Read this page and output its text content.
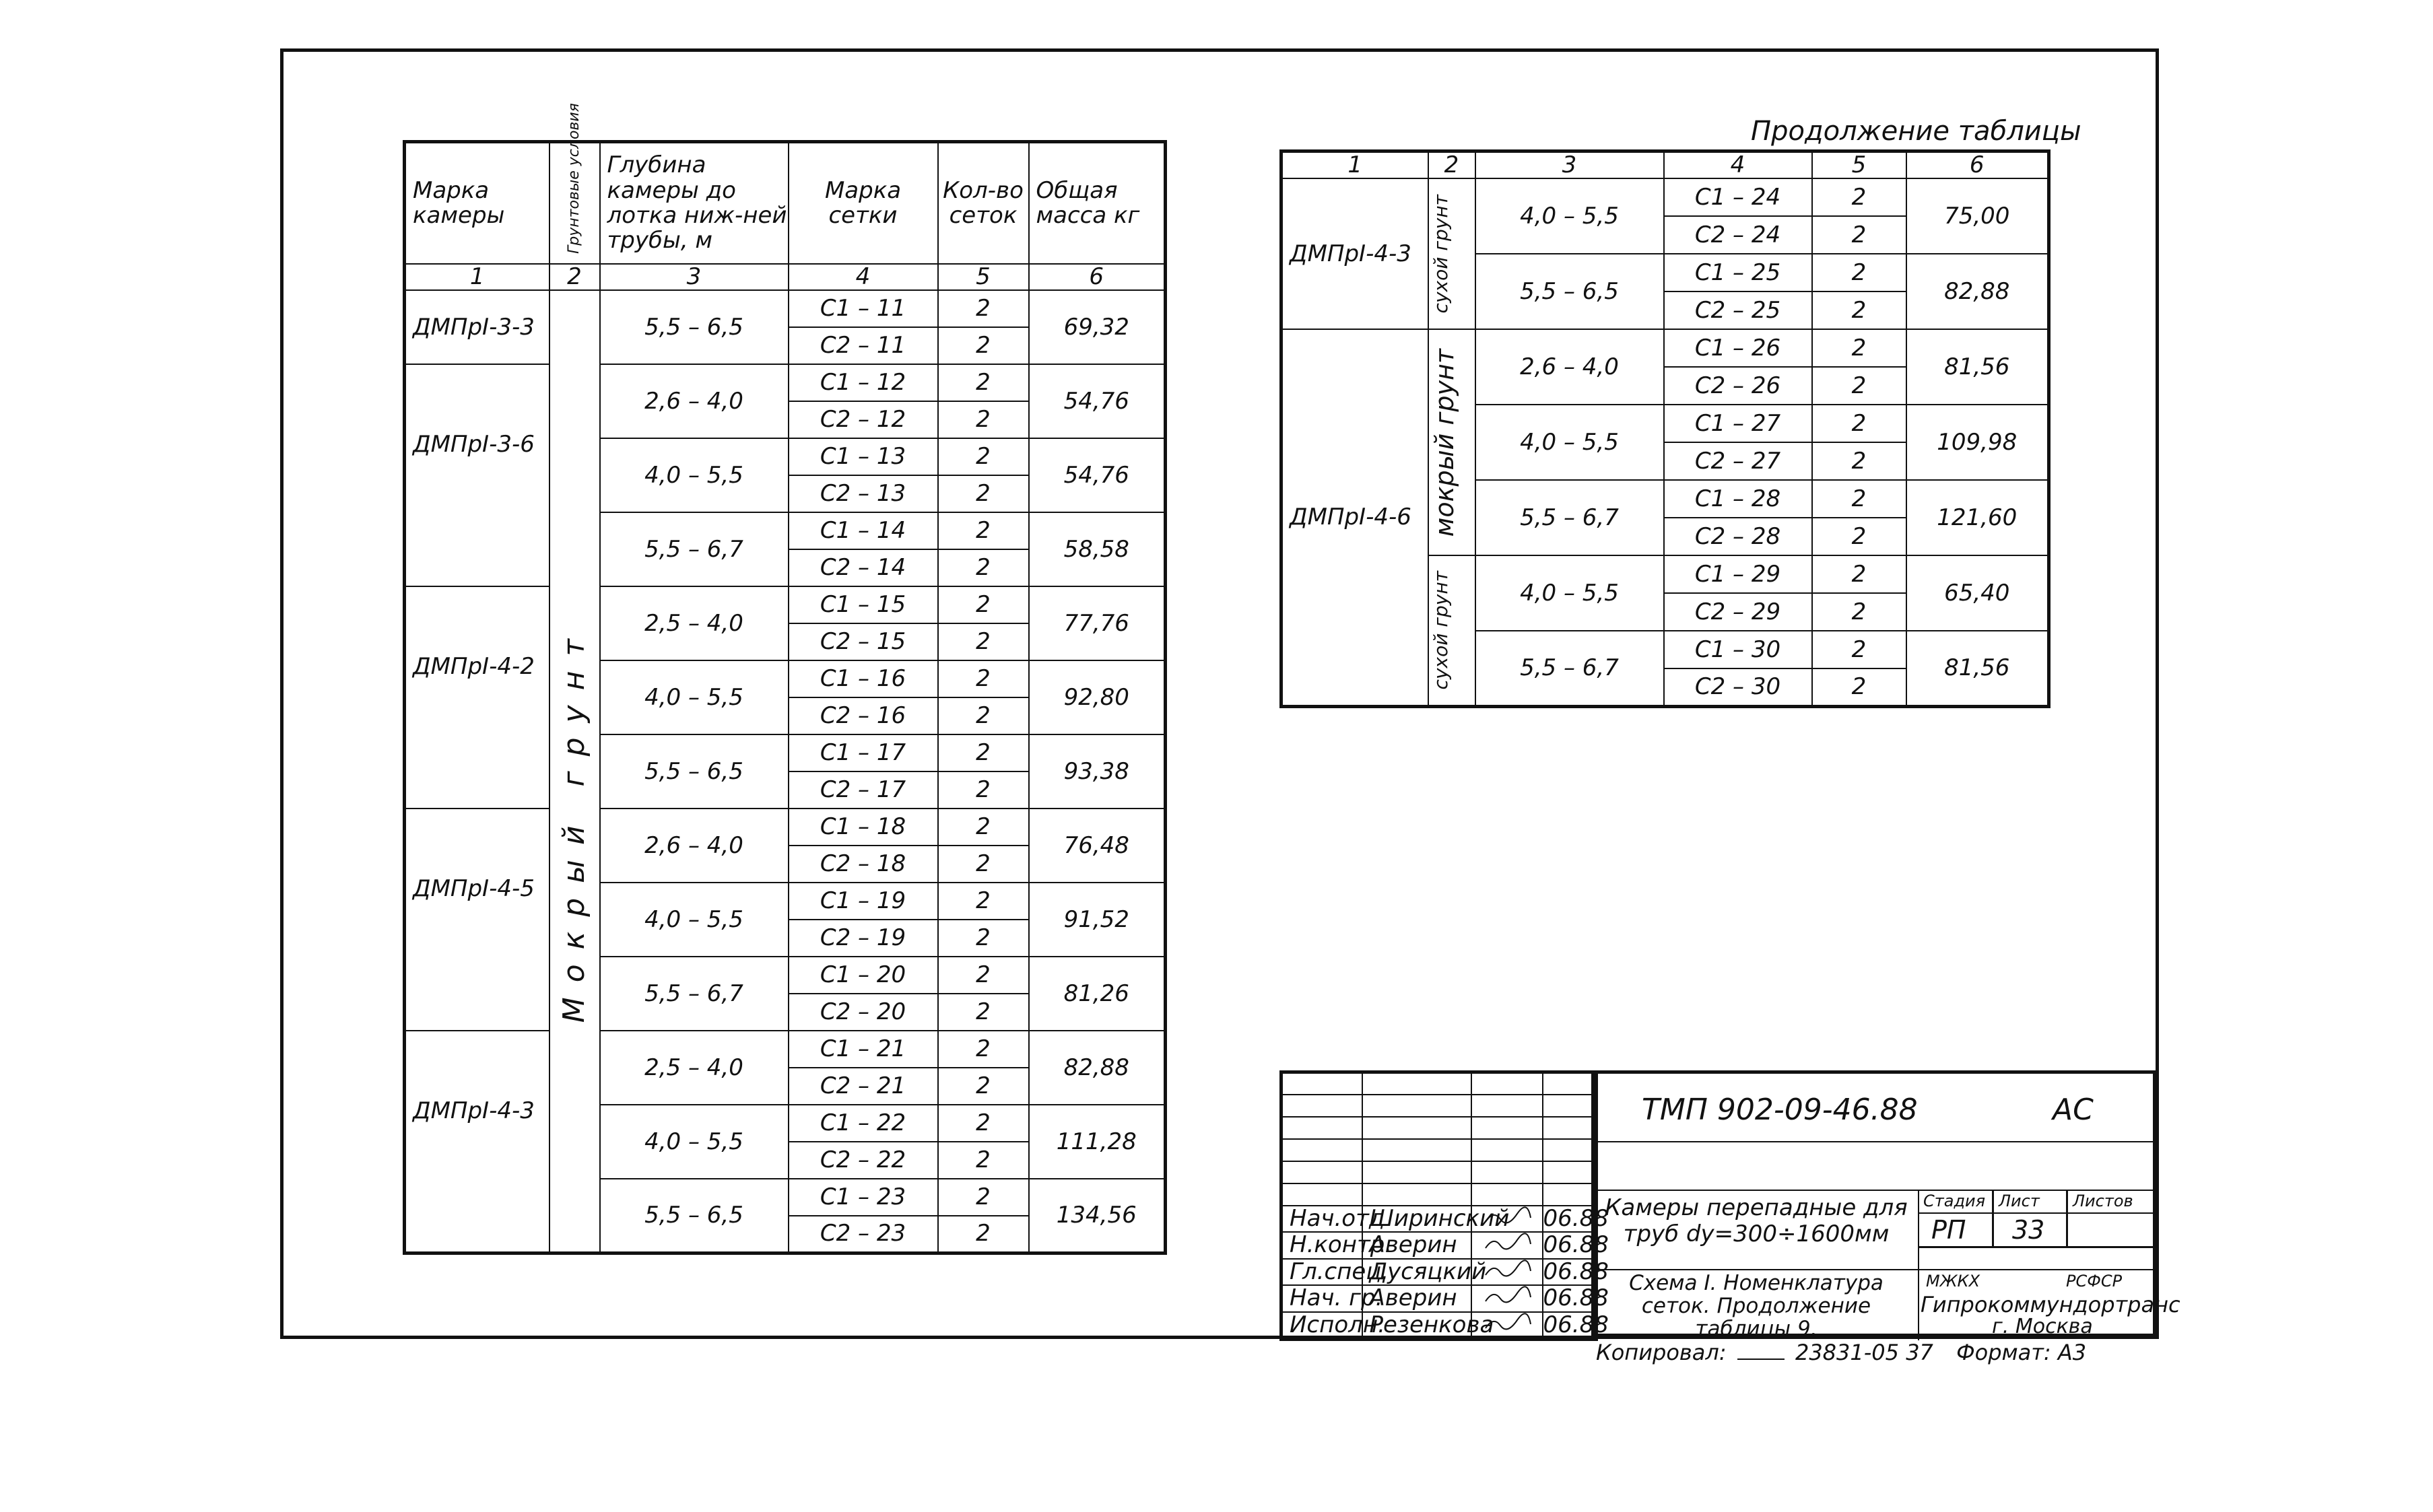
Марка камеры	Грунтовые условия	Глубина камеры до лотка ниж-ней трубы, м	Марка сетки	Кол-во сеток	Общая масса кг
1	2	3	4	5	6
ДМПрI-3-3	Мокрый грунт	5,5 – 6,5	С1 – 11	2	69,32
			С2 – 11	2	
ДМПрI-3-6		2,6 – 4,0	С1 – 12	2	54,76
			С2 – 12	2	
		4,0 – 5,5	С1 – 13	2	54,76
			С2 – 13	2	
		5,5 – 6,7	С1 – 14	2	58,58
			С2 – 14	2	
ДМПрI-4-2		2,5 – 4,0	С1 – 15	2	77,76
			С2 – 15	2	
		4,0 – 5,5	С1 – 16	2	92,80
			С2 – 16	2	
		5,5 – 6,5	С1 – 17	2	93,38
			С2 – 17	2	
ДМПрI-4-5		2,6 – 4,0	С1 – 18	2	76,48
			С2 – 18	2	
		4,0 – 5,5	С1 – 19	2	91,52
			С2 – 19	2	
		5,5 – 6,7	С1 – 20	2	81,26
			С2 – 20	2	
ДМПрI-4-3		2,5 – 4,0	С1 – 21	2	82,88
			С2 – 21	2	
		4,0 – 5,5	С1 – 22	2	111,28
			С2 – 22	2	
		5,5 – 6,5	С1 – 23	2	134,56
			С2 – 23	2	
Продолжение таблицы
1	2	3	4	5	6
ДМПрI-4-3	сухой грунт	4,0 – 5,5	С1 – 24	2	75,00
			С2 – 24	2	
		5,5 – 6,5	С1 – 25	2	82,88
			С2 – 25	2	
ДМПрI-4-6	мокрый грунт	2,6 – 4,0	С1 – 26	2	81,56
			С2 – 26	2	
		4,0 – 5,5	С1 – 27	2	109,98
			С2 – 27	2	
		5,5 – 6,7	С1 – 28	2	121,60
			С2 – 28	2	

	сухой грунт	4,0 – 5,5	С1 – 29	2	65,40
			С2 – 29	2	
		5,5 – 6,7	С1 – 30	2	81,56
			С2 – 30	2	

Нач.отд	Ширинский		06.88
Н.контр.	Аверин		06.88
Гл.спец.	Дусяцкий		06.88
Нач. гр.	Аверин		06.88
Исполн.	Резенкова		06.88
ТМП 902-09-46.88	АС
Камеры перепадные для труб dу=300÷1600мм
Схема I. Номенклатура сеток. Продолжение таблицы 9.
Стадия Лист Листов
РП 33
МЖКХ	РСФСР
Гипрокоммундортранс
г. Москва
Копировал:	23831-05 37 Формат: А3
